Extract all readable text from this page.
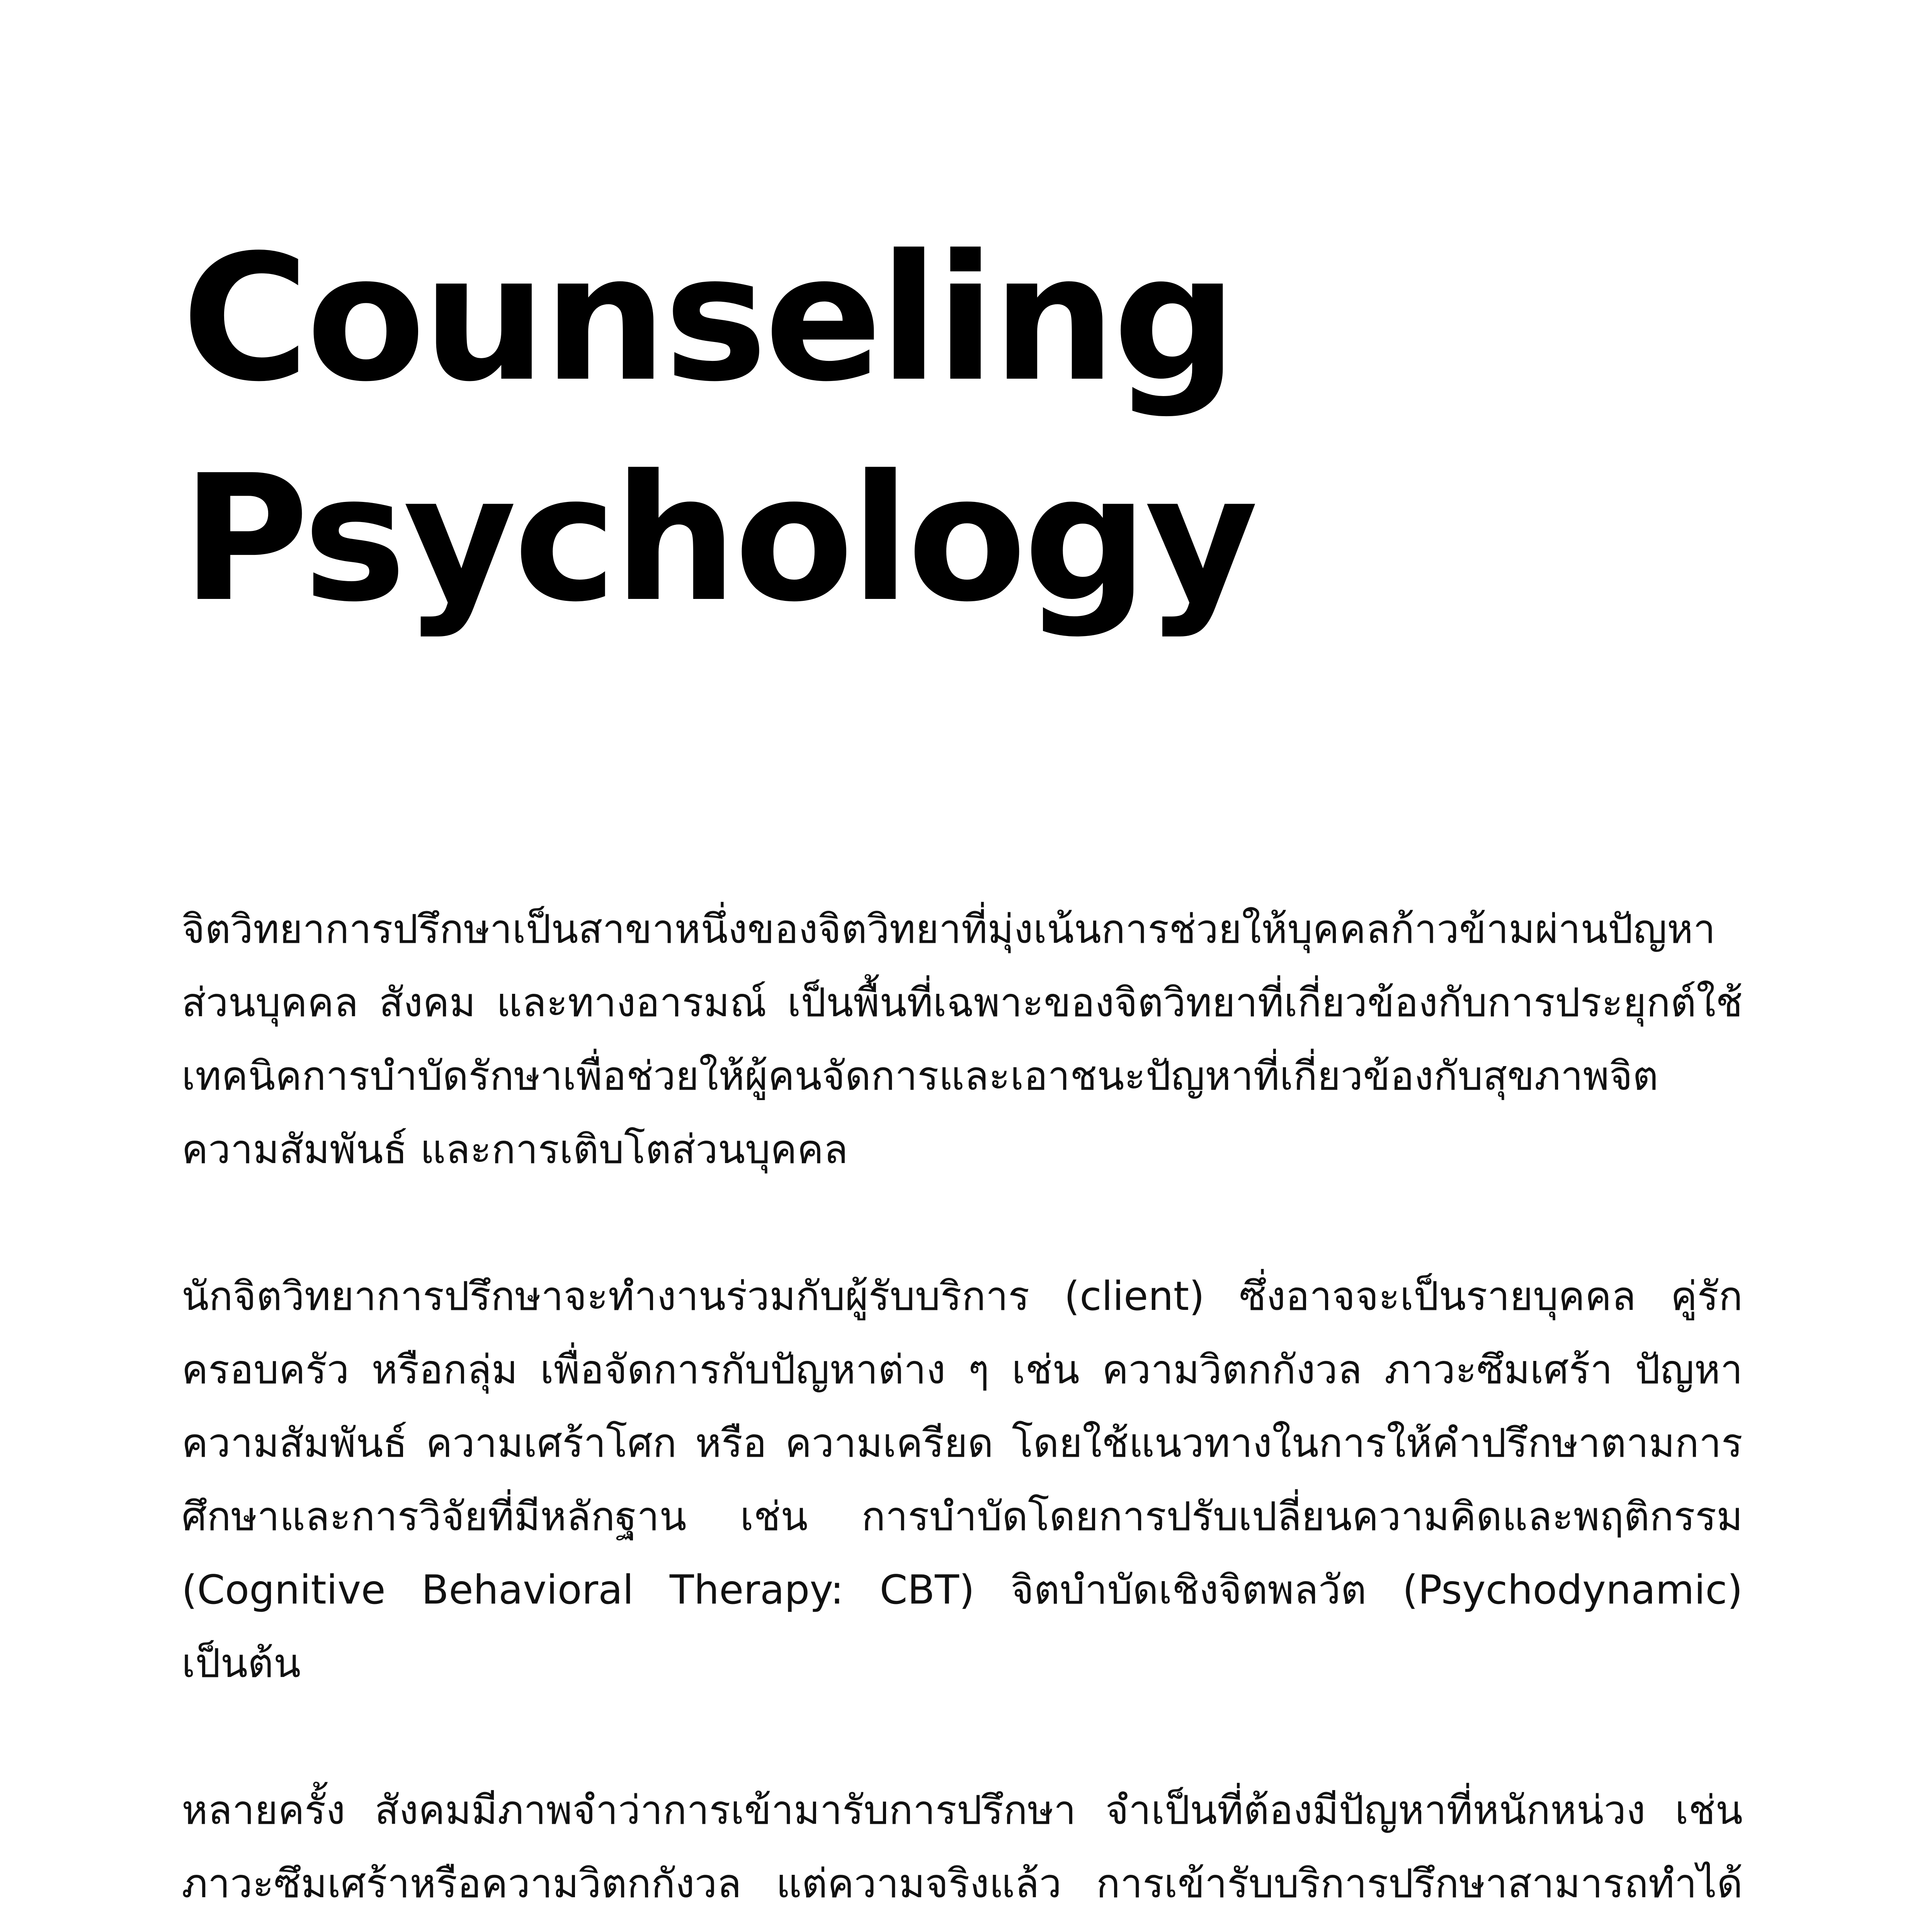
Counseling
Psychology

จิตวิทยาการปรึกษาเป็นสาขาหนึ่งของจิตวิทยาที่มุ่งเน้นการช่วยให้บุคคลก้าวข้ามผ่านปัญหาส่วนบุคคล สังคม และทางอารมณ์ เป็นพื้นที่เฉพาะของจิตวิทยาที่เกี่ยวข้องกับการประยุกต์ใช้เทคนิคการบำบัดรักษาเพื่อช่วยให้ผู้คนจัดการและเอาชนะปัญหาที่เกี่ยวข้องกับสุขภาพจิต ความสัมพันธ์ และการเติบโตส่วนบุคคล

นักจิตวิทยาการปรึกษาจะทำงานร่วมกับผู้รับบริการ (client) ซึ่งอาจจะเป็นรายบุคคล คู่รัก ครอบครัว หรือกลุ่ม เพื่อจัดการกับปัญหาต่าง ๆ เช่น ความวิตกกังวล ภาวะซึมเศร้า ปัญหาความสัมพันธ์ ความเศร้าโศก หรือ ความเครียด โดยใช้แนวทางในการให้คำปรึกษาตามการศึกษาและการวิจัยที่มีหลักฐาน เช่น การบำบัดโดยการปรับเปลี่ยนความคิดและพฤติกรรม (Cognitive Behavioral Therapy: CBT) จิตบำบัดเชิงจิตพลวัต (Psychodynamic) เป็นต้น

หลายครั้ง สังคมมีภาพจำว่าการเข้ามารับการปรึกษา จำเป็นที่ต้องมีปัญหาที่หนักหน่วง เช่น ภาวะซึมเศร้าหรือความวิตกกังวล แต่ความจริงแล้ว การเข้ารับบริการปรึกษาสามารถทำได้
